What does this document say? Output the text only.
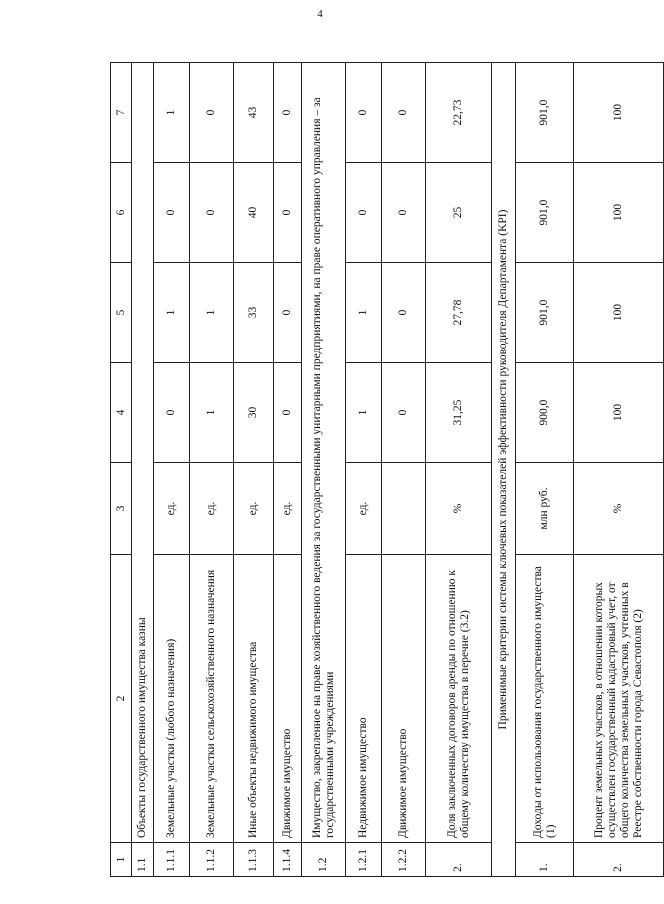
4
1	2	3	4	5	6	7
1.1	Объекты государственного имущества казны					
1.1.1	Земельные участки (любого назначения)	ед.	0	1	0	1
1.1.2	Земельные участки сельскохозяйственного назначения	ед.	1	1	0	0
1.1.3	Иные объекты недвижимого имущества	ед.	30	33	40	43
1.1.4	Движимое имущество	ед.	0	0	0	0
1.2	Имущество, закрепленное на праве хозяйственного ведения за государственными унитарными предприятиями, на праве оперативного управления – за государственными учреждениями					
1.2.1	Недвижимое имущество	ед.	1	1	0	0
1.2.2	Движимое имущество		0	0	0	0
2.	Доля заключенных договоров аренды по отношению к общему количеству имущества в перечне (3.2)	%	31,25	27,78	25	22,73
Применимые критерии системы ключевых показателей эффективности руководителя Департамента (KPI)						
1.	Доходы от использования государственного имущества (1)	млн руб.	900,0	901,0	901,0	901,0
2.	Процент земельных участков, в отношении которых осуществлен государственный кадастровый учет, от общего количества земельных участков, учтенных в Реестре собственности города Севастополя (2)	%	100	100	100	100
